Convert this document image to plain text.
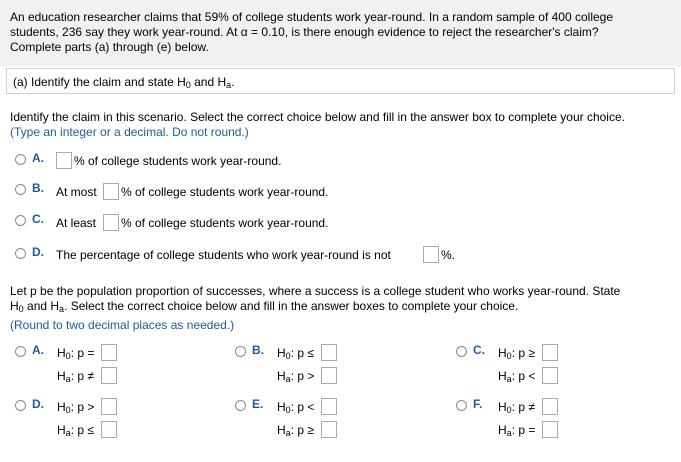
An education researcher claims that 59% of college students work year-round. In a random sample of 400 college
students, 236 say they work year-round. At α = 0.10, is there enough evidence to reject the researcher's claim?
Complete parts (a) through (e) below.
(a) Identify the claim and state $H_0$ and $H_a$.
Identify the claim in this scenario. Select the correct choice below and fill in the answer box to complete your choice.
(Type an integer or a decimal. Do not round.)
A.	% of college students work year-round.
B. At most % of college students work year-round.
C. At least % of college students work year-round.
D. The percentage of college students who work year-round is not	%.
Let p be the population proportion of successes, where a success is a college student who works year-round. State
$H_0$ and $H_a$. Select the correct choice below and fill in the answer boxes to complete your choice.
(Round to two decimal places as needed.)
A. $H_0$: p =
$H_a$: p ≠
B. $H_0$: p ≤
$H_a$: p >
C. $H_0$: p ≥
$H_a$: p <
D. $H_0$: p >
$H_a$: p ≤
E. $H_0$: p <
$H_a$: p ≥
F. $H_0$: p ≠
$H_a$: p =
